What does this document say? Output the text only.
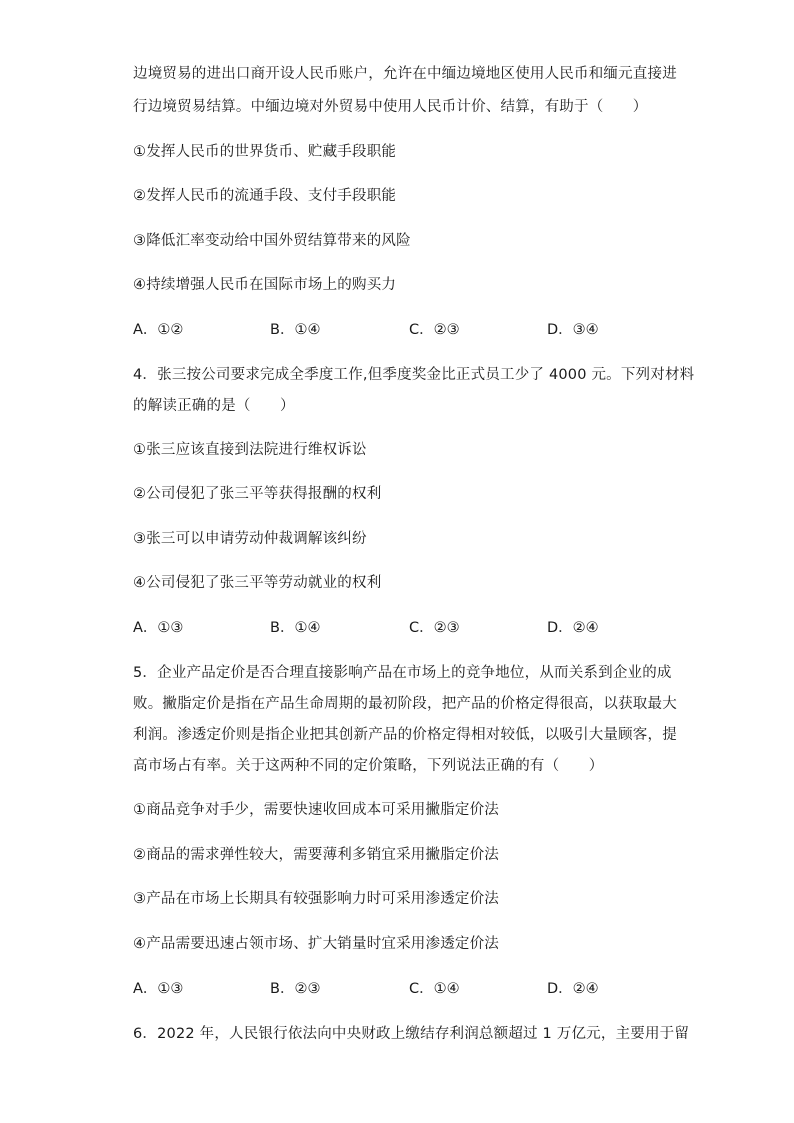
边境贸易的进出口商开设人民币账户，允许在中缅边境地区使用人民币和缅元直接进
行边境贸易结算。中缅边境对外贸易中使用人民币计价、结算，有助于（　　）
①发挥人民币的世界货币、贮藏手段职能
②发挥人民币的流通手段、支付手段职能
③降低汇率变动给中国外贸结算带来的风险
④持续增强人民币在国际市场上的购买力
A．①②	B．①④	C．②③	D．③④
4．张三按公司要求完成全季度工作,但季度奖金比正式员工少了 4000 元。下列对材料
的解读正确的是（　　）
①张三应该直接到法院进行维权诉讼
②公司侵犯了张三平等获得报酬的权利
③张三可以申请劳动仲裁调解该纠纷
④公司侵犯了张三平等劳动就业的权利
A．①③	B．①④	C．②③	D．②④
5．企业产品定价是否合理直接影响产品在市场上的竞争地位，从而关系到企业的成
败。撇脂定价是指在产品生命周期的最初阶段，把产品的价格定得很高，以获取最大
利润。渗透定价则是指企业把其创新产品的价格定得相对较低，以吸引大量顾客，提
高市场占有率。关于这两种不同的定价策略，下列说法正确的有（　　）
①商品竞争对手少，需要快速收回成本可采用撇脂定价法
②商品的需求弹性较大，需要薄利多销宜采用撇脂定价法
③产品在市场上长期具有较强影响力时可采用渗透定价法
④产品需要迅速占领市场、扩大销量时宜采用渗透定价法
A．①③	B．②③	C．①④	D．②④
6．2022 年，人民银行依法向中央财政上缴结存利润总额超过 1 万亿元，主要用于留
